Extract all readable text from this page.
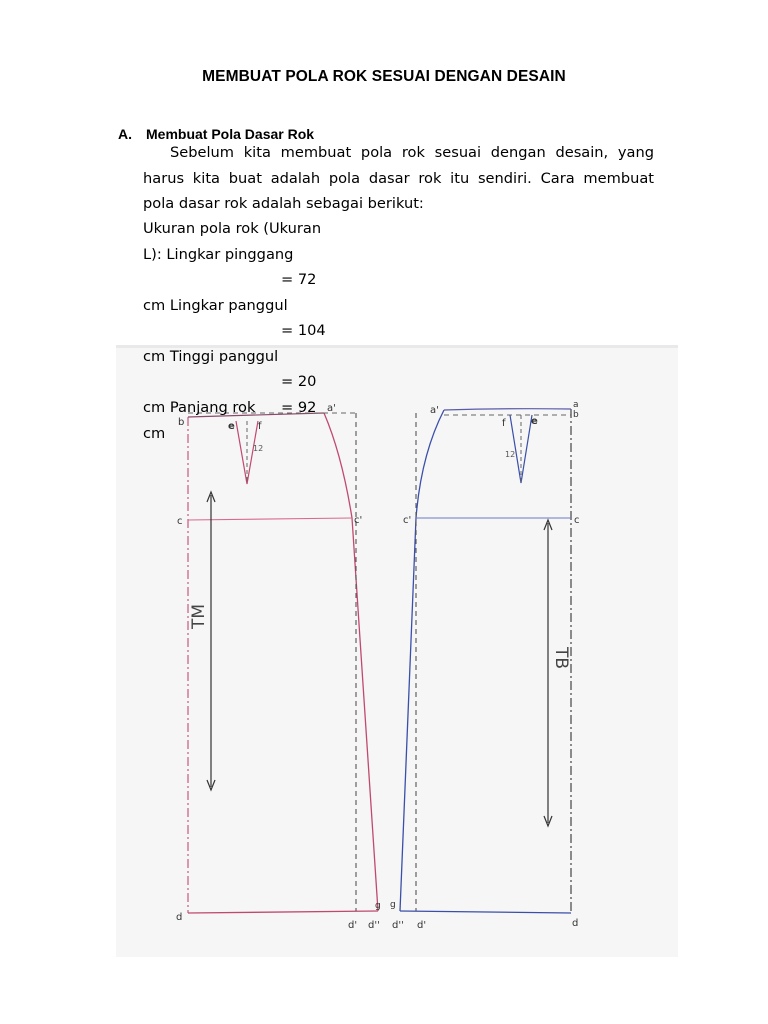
MEMBUAT POLA ROK SESUAI DENGAN DESAIN
A. Membuat Pola Dasar Rok
Sebelum kita membuat pola rok sesuai dengan desain, yang
harus kita buat adalah pola dasar rok itu sendiri. Cara membuat
pola dasar rok adalah sebagai berikut:
TM
b
a'
e f
12
c	c'
d
d' d''
g
TB
a'	a
b
f	e
12
c'	c
g
d'' d'	d
Ukuran pola rok (Ukuran
L): Lingkar pinggang
= 72
cm Lingkar panggul
= 104
cm Tinggi panggul
= 20
cm Panjang rok = 92
cm
